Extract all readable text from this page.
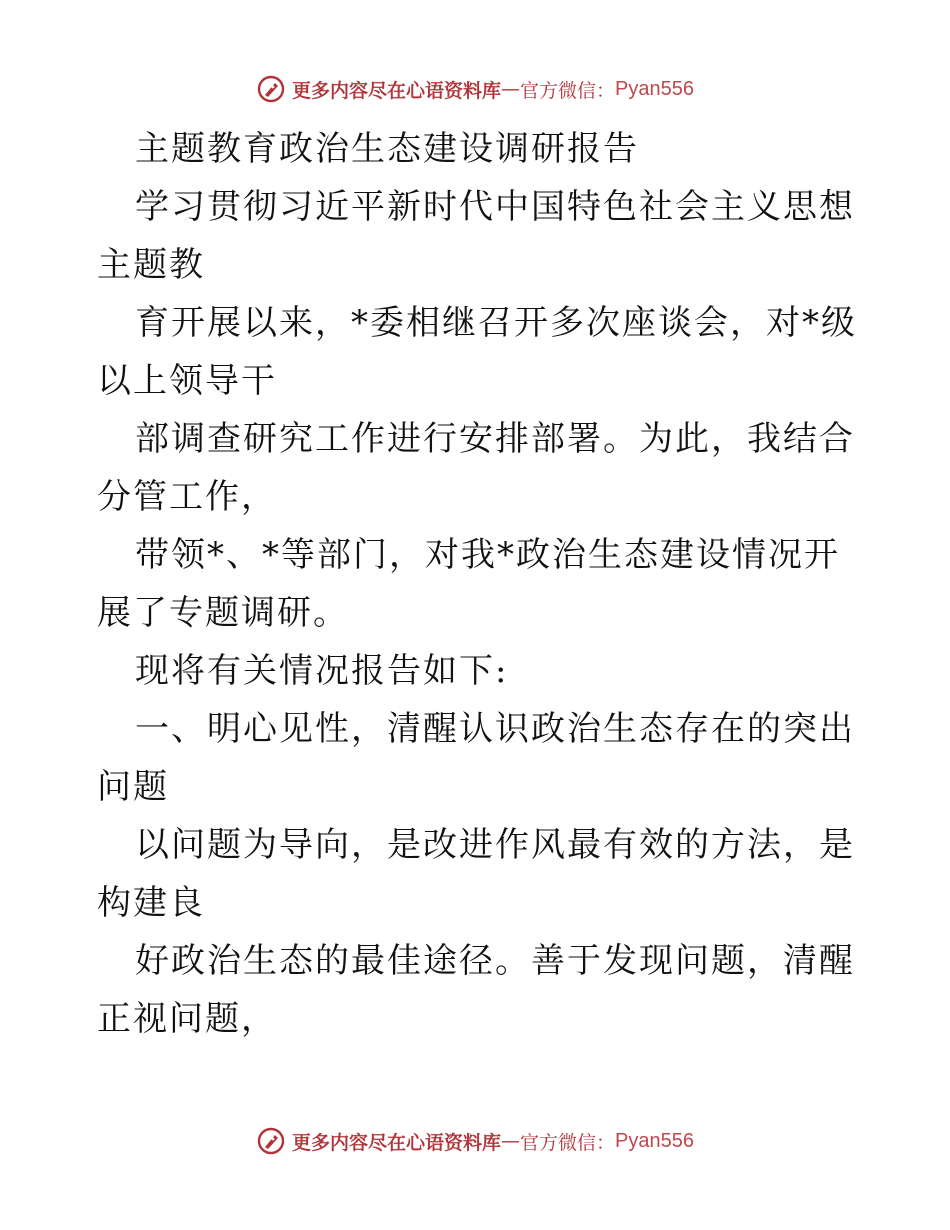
更多内容尽在心语资料库 — 官方微信： Pyan556

主题教育政治生态建设调研报告

学习贯彻习近平新时代中国特色社会主义思想主题教

育开展以来，*委相继召开多次座谈会，对*级以上领导干

部调查研究工作进行安排部署。为此，我结合分管工作，

带领*、*等部门，对我*政治生态建设情况开展了专题调研。

现将有关情况报告如下:

一、明心见性，清醒认识政治生态存在的突出问题

以问题为导向，是改进作风最有效的方法，是构建良

好政治生态的最佳途径。善于发现问题，清醒正视问题，

更多内容尽在心语资料库 — 官方微信： Pyan556
